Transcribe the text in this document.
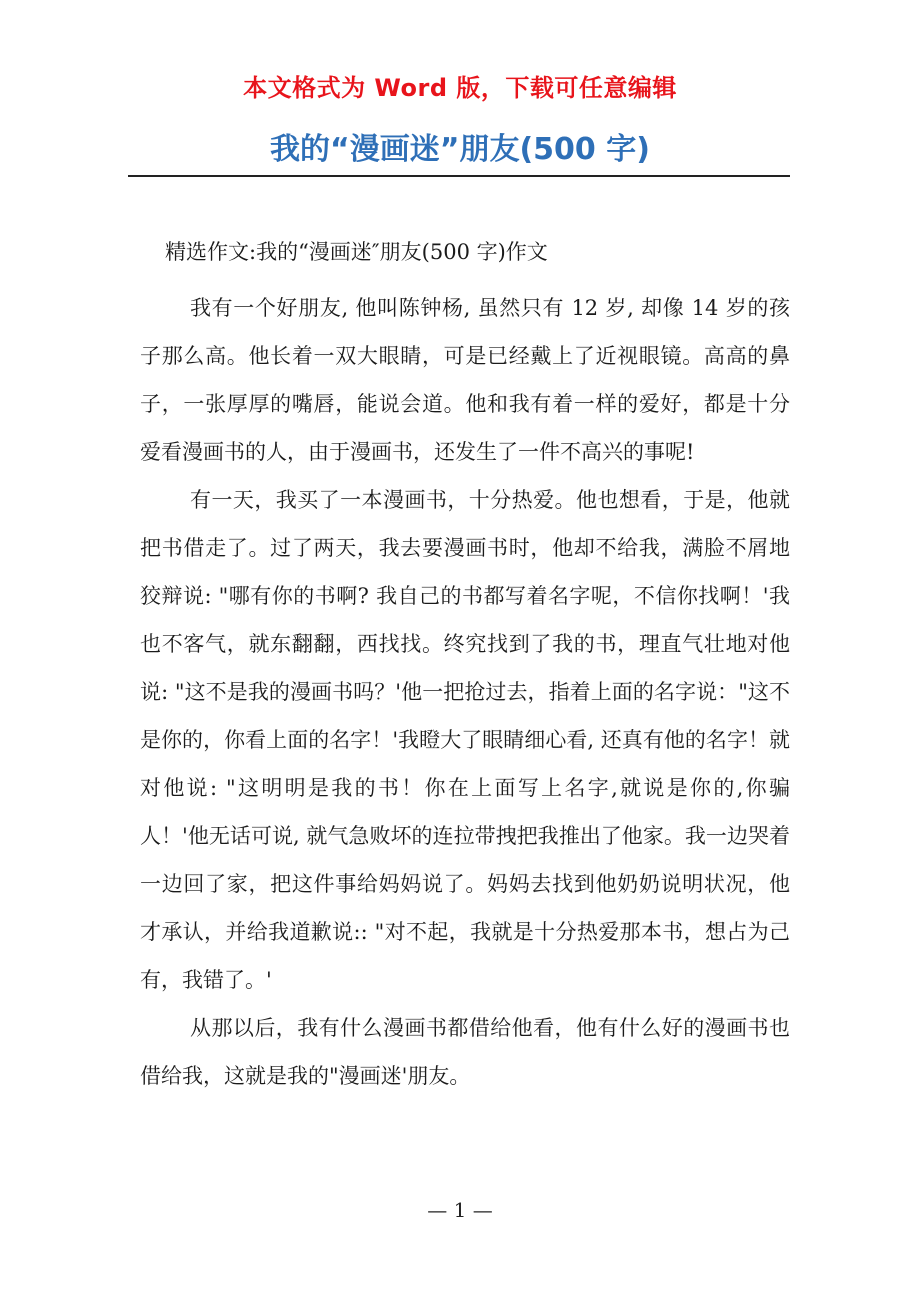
本文格式为 Word 版，下载可任意编辑
我的“漫画迷”朋友(500 字)
精选作文:我的“漫画迷″朋友(500 字)作文

我有一个好朋友, 他叫陈钟杨, 虽然只有 12 岁, 却像 14 岁的孩子那么高。他长着一双大眼睛，可是已经戴上了近视眼镜。高高的鼻子，一张厚厚的嘴唇，能说会道。他和我有着一样的爱好，都是十分爱看漫画书的人，由于漫画书，还发生了一件不高兴的事呢!

有一天，我买了一本漫画书，十分热爱。他也想看，于是，他就把书借走了。过了两天，我去要漫画书时，他却不给我，满脸不屑地狡辩说: "哪有你的书啊? 我自己的书都写着名字呢，不信你找啊！'我也不客气，就东翻翻，西找找。终究找到了我的书，理直气壮地对他说: "这不是我的漫画书吗？'他一把抢过去，指着上面的名字说："这不是你的，你看上面的名字！'我瞪大了眼睛细心看, 还真有他的名字！就对他说: "这明明是我的书！你在上面写上名字,就说是你的,你骗人！'他无话可说, 就气急败坏的连拉带拽把我推出了他家。我一边哭着一边回了家，把这件事给妈妈说了。妈妈去找到他奶奶说明状况，他才承认，并给我道歉说:: "对不起，我就是十分热爱那本书，想占为己有，我错了。'

从那以后，我有什么漫画书都借给他看，他有什么好的漫画书也借给我，这就是我的"漫画迷'朋友。

— 1 —
